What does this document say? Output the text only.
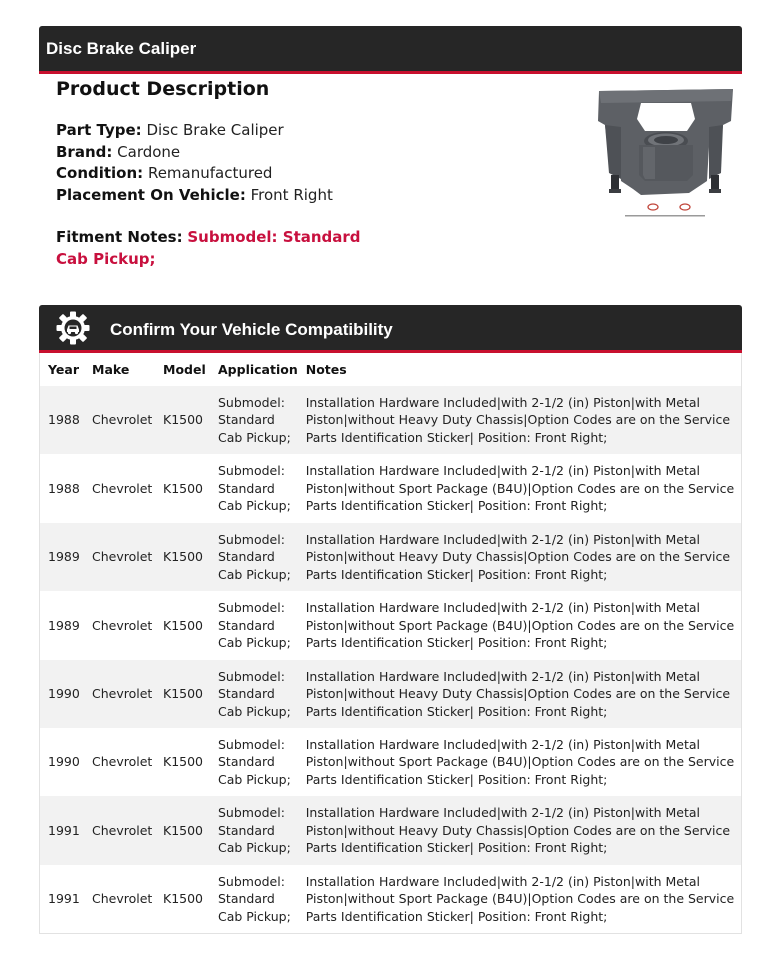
Disc Brake Caliper
Product Description
Part Type: Disc Brake Caliper
Brand: Cardone
Condition: Remanufactured
Placement On Vehicle: Front Right
Fitment Notes: Submodel: Standard Cab Pickup;
Confirm Your Vehicle Compatibility
Year	Make	Model	Application	Notes
1988	Chevrolet	K1500	Submodel: Standard Cab Pickup;	Installation Hardware Included|with 2-1/2 (in) Piston|with Metal Piston|without Heavy Duty Chassis|Option Codes are on the Service Parts Identification Sticker| Position: Front Right;
1988	Chevrolet	K1500	Submodel: Standard Cab Pickup;	Installation Hardware Included|with 2-1/2 (in) Piston|with Metal Piston|without Sport Package (B4U)|Option Codes are on the Service Parts Identification Sticker| Position: Front Right;
1989	Chevrolet	K1500	Submodel: Standard Cab Pickup;	Installation Hardware Included|with 2-1/2 (in) Piston|with Metal Piston|without Heavy Duty Chassis|Option Codes are on the Service Parts Identification Sticker| Position: Front Right;
1989	Chevrolet	K1500	Submodel: Standard Cab Pickup;	Installation Hardware Included|with 2-1/2 (in) Piston|with Metal Piston|without Sport Package (B4U)|Option Codes are on the Service Parts Identification Sticker| Position: Front Right;
1990	Chevrolet	K1500	Submodel: Standard Cab Pickup;	Installation Hardware Included|with 2-1/2 (in) Piston|with Metal Piston|without Heavy Duty Chassis|Option Codes are on the Service Parts Identification Sticker| Position: Front Right;
1990	Chevrolet	K1500	Submodel: Standard Cab Pickup;	Installation Hardware Included|with 2-1/2 (in) Piston|with Metal Piston|without Sport Package (B4U)|Option Codes are on the Service Parts Identification Sticker| Position: Front Right;
1991	Chevrolet	K1500	Submodel: Standard Cab Pickup;	Installation Hardware Included|with 2-1/2 (in) Piston|with Metal Piston|without Heavy Duty Chassis|Option Codes are on the Service Parts Identification Sticker| Position: Front Right;
1991	Chevrolet	K1500	Submodel: Standard Cab Pickup;	Installation Hardware Included|with 2-1/2 (in) Piston|with Metal Piston|without Sport Package (B4U)|Option Codes are on the Service Parts Identification Sticker| Position: Front Right;
